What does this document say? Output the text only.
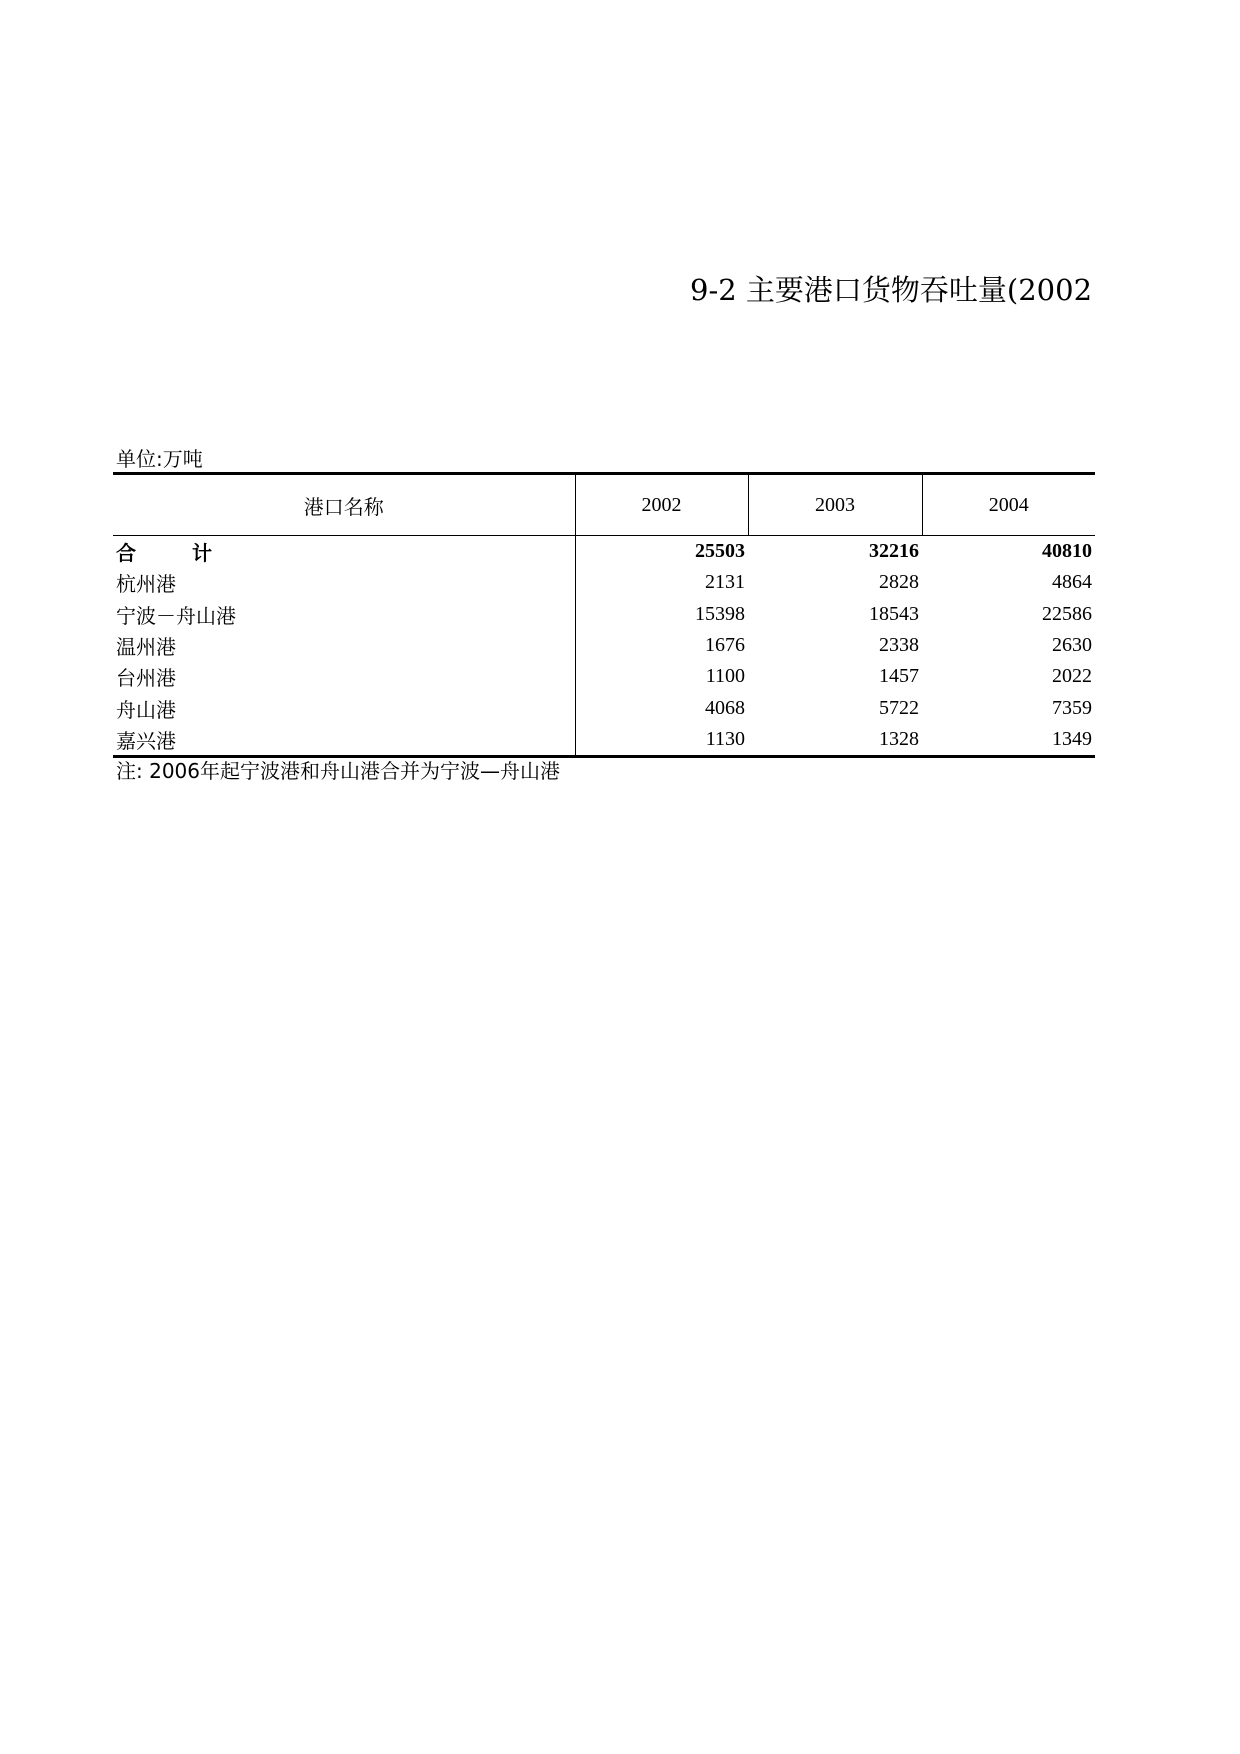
9-2 主要港口货物吞吐量(2002
单位:万吨
港口名称	2002	2003	2004
合　计	25503	32216	40810
杭州港	2131	2828	4864
宁波－舟山港	15398	18543	22586
温州港	1676	2338	2630
台州港	1100	1457	2022
舟山港	4068	5722	7359
嘉兴港	1130	1328	1349
注: 2006年起宁波港和舟山港合并为宁波—舟山港
